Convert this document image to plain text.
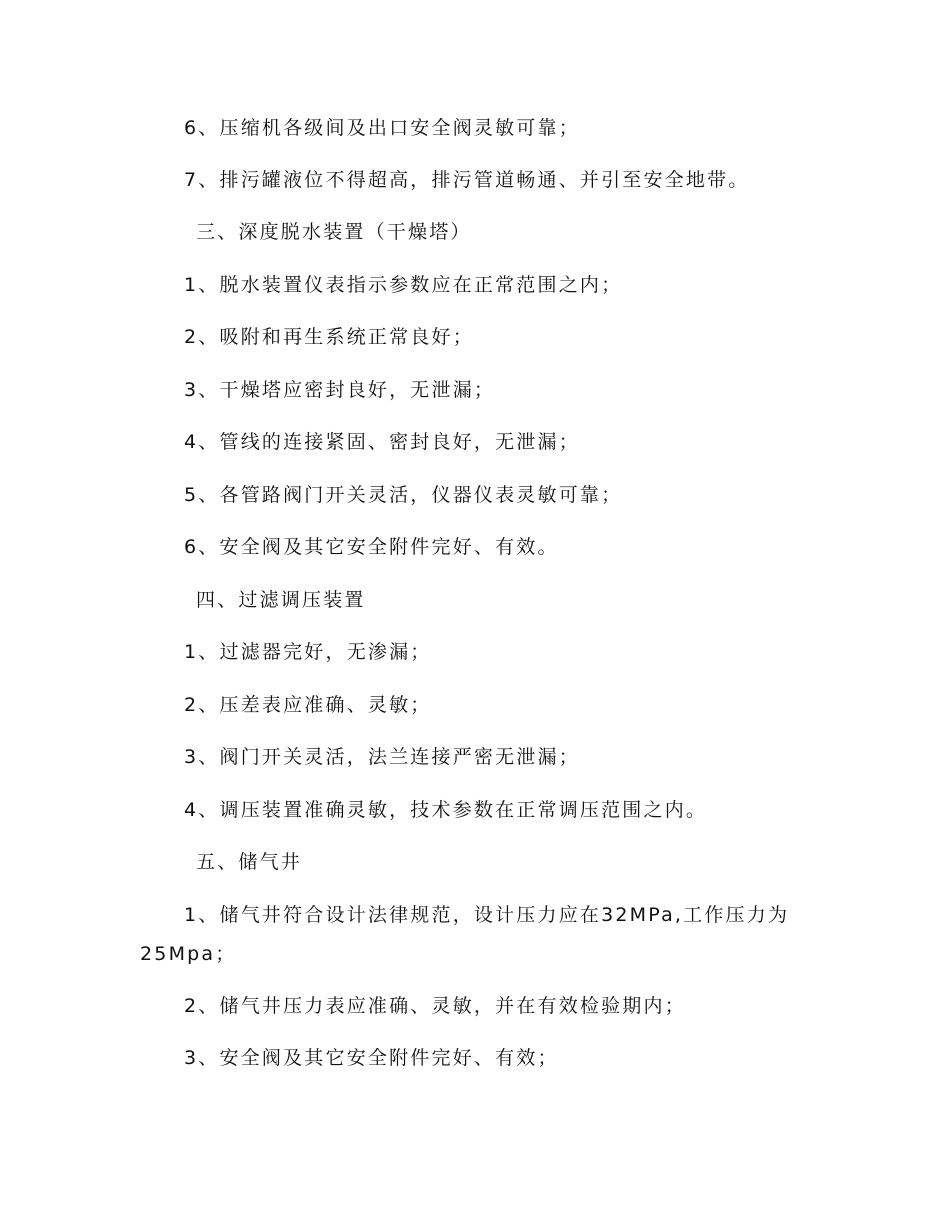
6、压缩机各级间及出口安全阀灵敏可靠；
7、排污罐液位不得超高，排污管道畅通、并引至安全地带。
三、深度脱水装置（干燥塔）
1、脱水装置仪表指示参数应在正常范围之内；
2、吸附和再生系统正常良好；
3、干燥塔应密封良好，无泄漏；
4、管线的连接紧固、密封良好，无泄漏；
5、各管路阀门开关灵活，仪器仪表灵敏可靠；
6、安全阀及其它安全附件完好、有效。
四、过滤调压装置
1、过滤器完好，无渗漏；
2、压差表应准确、灵敏；
3、阀门开关灵活，法兰连接严密无泄漏；
4、调压装置准确灵敏，技术参数在正常调压范围之内。
五、储气井
1、储气井符合设计法律规范，设计压力应在32MPa,工作压力为
25Mpa；
2、储气井压力表应准确、灵敏，并在有效检验期内；
3、安全阀及其它安全附件完好、有效；
